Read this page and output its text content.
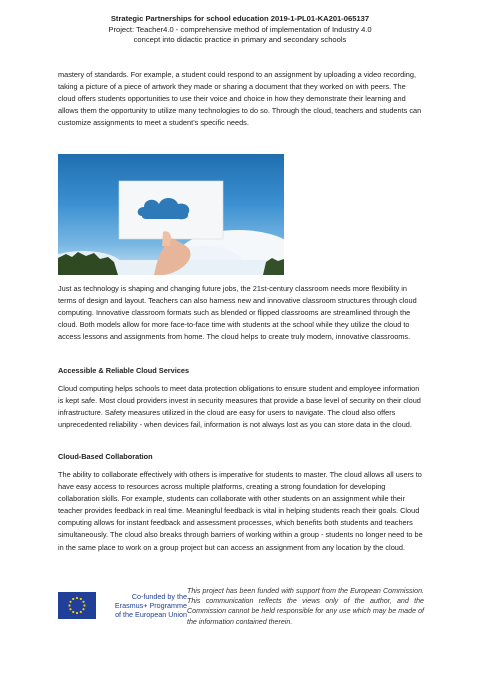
Strategic Partnerships for school education 2019-1-PL01-KA201-065137
Project: Teacher4.0 - comprehensive method of implementation of Industry 4.0
concept into didactic practice in primary and secondary schools

mastery of standards. For example, a student could respond to an assignment by uploading a video recording, taking a picture of a piece of artwork they made or sharing a document that they worked on with peers. The cloud offers students opportunities to use their voice and choice in how they demonstrate their learning and allows them the opportunity to utilize many technologies to do so. Through the cloud, teachers and students can customize assignments to meet a student’s specific needs.

Just as technology is shaping and changing future jobs, the 21st-century classroom needs more flexibility in terms of design and layout. Teachers can also harness new and innovative classroom structures through cloud computing. Innovative classroom formats such as blended or flipped classrooms are streamlined through the cloud. Both models allow for more face-to-face time with students at the school while they utilize the cloud to access lessons and assignments from home. The cloud helps to create truly modern, innovative classrooms.

Accessible & Reliable Cloud Services

Cloud computing helps schools to meet data protection obligations to ensure student and employee information is kept safe. Most cloud providers invest in security measures that provide a base level of security on their cloud infrastructure. Safety measures utilized in the cloud are easy for users to navigate. The cloud also offers unprecedented reliability - when devices fail, information is not always lost as you can store data in the cloud.

Cloud-Based Collaboration

The ability to collaborate effectively with others is imperative for students to master. The cloud allows all users to have easy access to resources across multiple platforms, creating a strong foundation for developing collaboration skills. For example, students can collaborate with other students on an assignment while their teacher provides feedback in real time. Meaningful feedback is vital in helping students reach their goals. Cloud computing allows for instant feedback and assessment processes, which benefits both students and teachers simultaneously. The cloud also breaks through barriers of working within a group - students no longer need to be in the same place to work on a group project but can access an assignment from any location by the cloud.

Co-funded by the
Erasmus+ Programme
of the European Union
This project has been funded with support from the European Commission. This communication reflects the views only of the author, and the Commission cannot be held responsible for any use which may be made of the information contained therein.
